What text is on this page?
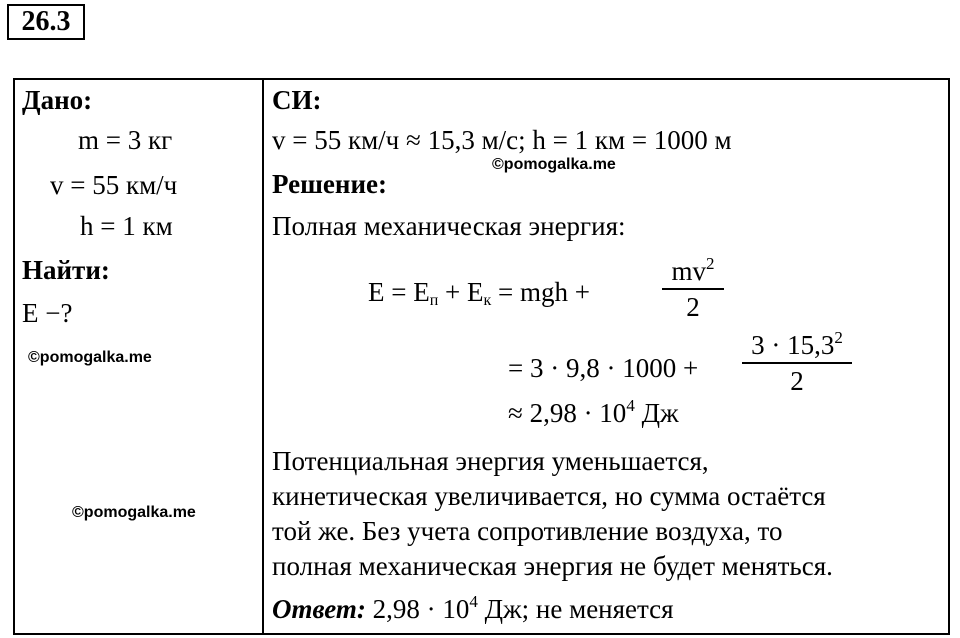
26.3
Дано:
m = 3 кг
v = 55 км/ч
h = 1 км
Найти:
E −?
©pomogalka.me
©pomogalka.me
СИ:
v = 55 км/ч ≈ 15,3 м/с; h = 1 км = 1000 м
©pomogalka.me
Решение:
Полная механическая энергия:
$E = E_п + E_к$ = mgh +
$mv^2$
2
= 3 · 9,8 · 1000 +
$3 \cdot 15,3^2$
2
≈ $2,98 \cdot 10^4$ Дж
Потенциальная энергия уменьшается,
кинетическая увеличивается, но сумма остаётся
той же. Без учета сопротивление воздуха, то
полная механическая энергия не будет меняться.
Ответ: $2,98 \cdot 10^4$ Дж; не меняется
